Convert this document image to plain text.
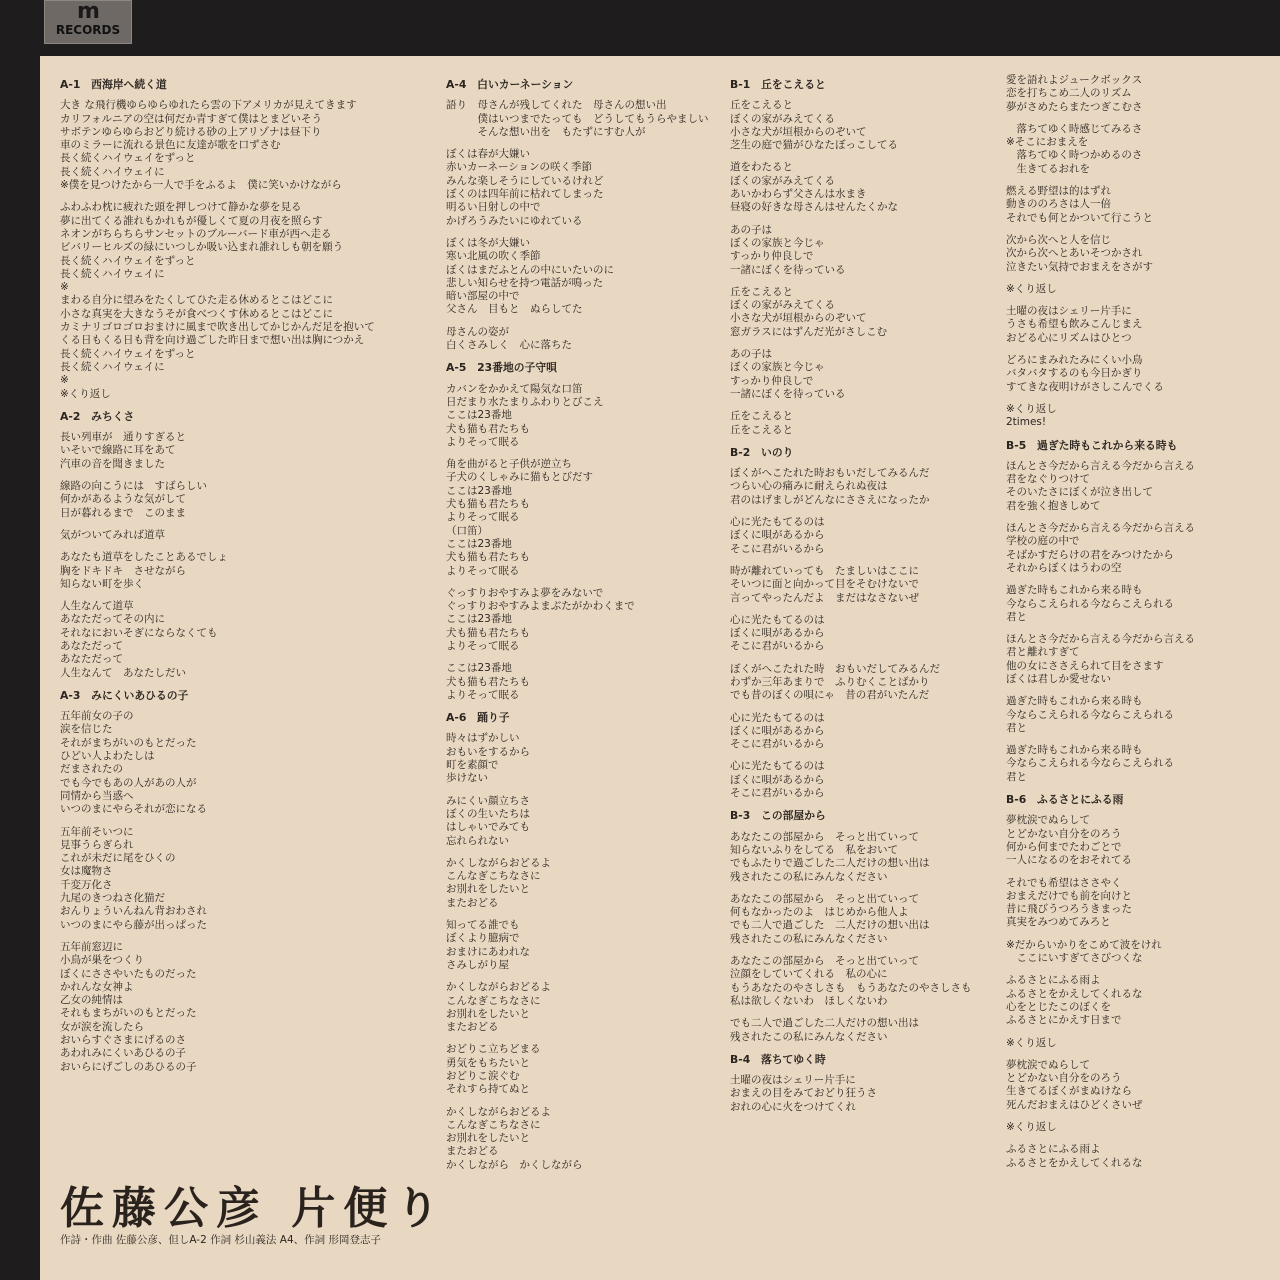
m
RECORDS
A-1　西海岸へ続く道
大き な飛行機ゆらゆらゆれたら雲の下アメリカが見えてきます
カリフォルニアの空は何だか青すぎて僕はとまどいそう
サボテンゆらゆらおどり続ける砂の上アリゾナは昼下り
車のミラーに流れる景色に友達が歌を口ずさむ
長く続くハイウェイをずっと
長く続くハイウェイに
※僕を見つけたから一人で手をふるよ　僕に笑いかけながら
ふわふわ枕に疲れた頭を押しつけて静かな夢を見る
夢に出てくる誰れもかれもが優しくて夏の月夜を照らす
ネオンがちらちらサンセットのブルーバード車が西へ走る
ビバリーヒルズの緑にいつしか吸い込まれ誰れしも朝を願う
長く続くハイウェイをずっと
長く続くハイウェイに
※
まわる自分に望みをたくしてひた走る休めるとこはどこに
小さな真実を大きなうそが食べつくす休めるとこはどこに
カミナリゴロゴロおまけに風まで吹き出してかじかんだ足を抱いて
くる日もくる日も背を向け過ごした昨日まで想い出は胸につかえ
長く続くハイウェイをずっと
長く続くハイウェイに
※
※くり返し
A-2　みちくさ
長い列車が　通りすぎると
いそいで線路に耳をあて
汽車の音を聞きました
線路の向こうには　すばらしい
何かがあるような気がして
日が暮れるまで　このまま
気がついてみれば道草
あなたも道草をしたことあるでしょ
胸をドキドキ　させながら
知らない町を歩く
人生なんて道草
あなただってその内に
それなにおいそぎにならなくても
あなただって
あなただって
人生なんて　あなたしだい
A-3　みにくいあひるの子
五年前女の子の
涙を信じた
それがまちがいのもとだった
ひどい人よわたしは
だまされたの
でも今でもあの人があの人が
同情から当惑へ
いつのまにやらそれが恋になる
五年前そいつに
見事うらぎられ
これが未だに尾をひくの
女は魔物さ
千変万化さ
九尾のきつねさ化猫だ
おんりょういんねん背おわされ
いつのまにやら藤が出っぱった
五年前窓辺に
小鳥が巣をつくり
ぼくにささやいたものだった
かれんな女神よ
乙女の純情は
それもまちがいのもとだった
女が涙を流したら
おいらすぐさまにげるのさ
あわれみにくいあひるの子
おいらにげごしのあひるの子
A-4　白いカーネーション
語り　母さんが残してくれた　母さんの想い出
　　　僕はいつまでたっても　どうしてもうらやましい
　　　そんな想い出を　もたずにすむ人が
ぼくは春が大嫌い
赤いカーネーションの咲く季節
みんな楽しそうにしているけれど
ぼくのは四年前に枯れてしまった
明るい日射しの中で
かげろうみたいにゆれている
ぼくは冬が大嫌い
寒い北風の吹く季節
ぼくはまだふとんの中にいたいのに
悲しい知らせを持つ電話が鳴った
暗い部屋の中で
父さん　目もと　ぬらしてた
母さんの姿が
白くさみしく　心に落ちた
A-5　23番地の子守唄
カバンをかかえて陽気な口笛
日だまり水たまりふわりとびこえ
ここは23番地
犬も猫も君たちも
よりそって眠る
角を曲がると子供が逆立ち
子犬のくしゃみに猫もとびだす
ここは23番地
犬も猫も君たちも
よりそって眠る
（口笛）
ここは23番地
犬も猫も君たちも
よりそって眠る
ぐっすりおやすみよ夢をみないで
ぐっすりおやすみよまぶたがかわくまで
ここは23番地
犬も猫も君たちも
よりそって眠る
ここは23番地
犬も猫も君たちも
よりそって眠る
A-6　踊り子
時々はずかしい
おもいをするから
町を素顔で
歩けない
みにくい顔立ちさ
ぼくの生いたちは
はしゃいでみても
忘れられない
かくしながらおどるよ
こんなぎこちなさに
お別れをしたいと
またおどる
知ってる誰でも
ぼくより臆病で
おまけにあわれな
さみしがり屋
かくしながらおどるよ
こんなぎこちなさに
お別れをしたいと
またおどる
おどりこ立ちどまる
勇気をもちたいと
おどりこ涙ぐむ
それすら持てぬと
かくしながらおどるよ
こんなぎこちなさに
お別れをしたいと
またおどる
かくしながら　かくしながら
B-1　丘をこえると
丘をこえると
ぼくの家がみえてくる
小さな犬が垣根からのぞいて
芝生の庭で猫がひなたぼっこしてる
道をわたると
ぼくの家がみえてくる
あいかわらず父さんは水まき
昼寝の好きな母さんはせんたくかな
あの子は
ぼくの家族と今じゃ
すっかり仲良しで
一諸にぼくを待っている
丘をこえると
ぼくの家がみえてくる
小さな犬が垣根からのぞいて
窓ガラスにはずんだ光がさしこむ
あの子は
ぼくの家族と今じゃ
すっかり仲良しで
一諸にぼくを待っている
丘をこえると
丘をこえると
B-2　いのり
ぼくがへこたれた時おもいだしてみるんだ
つらい心の痛みに耐えられぬ夜は
君のはげましがどんなにささえになったか
心に光たもてるのは
ぼくに唄があるから
そこに君がいるから
時が離れていっても　たましいはここに
そいつに面と向かって目をそむけないで
言ってやったんだよ　まだはなさないぜ
心に光たもてるのは
ぼくに唄があるから
そこに君がいるから
ぼくがへこたれた時　おもいだしてみるんだ
わずか三年あまりで　ふりむくことばかり
でも昔のぼくの唄にゃ　昔の君がいたんだ
心に光たもてるのは
ぼくに唄があるから
そこに君がいるから
心に光たもてるのは
ぼくに唄があるから
そこに君がいるから
B-3　この部屋から
あなたこの部屋から　そっと出ていって
知らないふりをしてる　私をおいて
でもふたりで過ごした二人だけの想い出は
残されたこの私にみんなください
あなたこの部屋から　そっと出ていって
何もなかったのよ　はじめから他人よ
でも二人で過ごした　二人だけの想い出は
残されたこの私にみんなください
あなたこの部屋から　そっと出ていって
泣顔をしていてくれる　私の心に
もうあなたのやさしさも　もうあなたのやさしさも
私は欲しくないわ　ほしくないわ
でも二人で過ごした二人だけの想い出は
残されたこの私にみんなください
B-4　落ちてゆく時
土曜の夜はシェリー片手に
おまえの目をみておどり狂うさ
おれの心に火をつけてくれ
愛を語れよジュークボックス
恋を打ちこめ二人のリズム
夢がさめたらまたつぎこむさ
　落ちてゆく時感じてみるさ
※そこにおまえを
　落ちてゆく時つかめるのさ
　生きてるおれを
燃える野望は的はずれ
動きののろさは人一倍
それでも何とかついて行こうと
次から次へと人を信じ
次から次へとあいそつかされ
泣きたい気持でおまえをさがす
※くり返し
土曜の夜はシェリー片手に
うさも希望も飲みこんじまえ
おどる心にリズムはひとつ
どろにまみれたみにくい小鳥
バタバタするのも今日かぎり
すてきな夜明けがさしこんでくる
※くり返し
2times!
B-5　過ぎた時もこれから来る時も
ほんとさ今だから言える今だから言える
君をなぐりつけて
そのいたさにぼくが泣き出して
君を強く抱きしめて
ほんとさ今だから言える今だから言える
学校の庭の中で
そばかすだらけの君をみつけたから
それからぼくはうわの空
過ぎた時もこれから来る時も
今ならこえられる今ならこえられる
君と
ほんとさ今だから言える今だから言える
君と離れすぎて
他の女にささえられて目をさます
ぼくは君しか愛せない
過ぎた時もこれから来る時も
今ならこえられる今ならこえられる
君と
過ぎた時もこれから来る時も
今ならこえられる今ならこえられる
君と
B-6　ふるさとにふる雨
夢枕涙でぬらして
とどかない自分をのろう
何から何までたわごとで
一人になるのをおそれてる
それでも希望はささやく
おまえだけでも前を向けと
昔に飛びうつろうきまった
真実をみつめてみろと
※だからいかりをこめて波をけれ
　ここにいすぎてさびつくな
ふるさとにふる雨よ
ふるさとをかえしてくれるな
心をとじたこのぼくを
ふるさとにかえす日まで
※くり返し
夢枕涙でぬらして
とどかない自分をのろう
生きてるぼくがまぬけなら
死んだおまえはひどくさいぜ
※くり返し
ふるさとにふる雨よ
ふるさとをかえしてくれるな
佐藤公彦 片便り
作詩・作曲 佐藤公彦、但しA-2 作詞 杉山義法 A4、作詞 形岡登志子
